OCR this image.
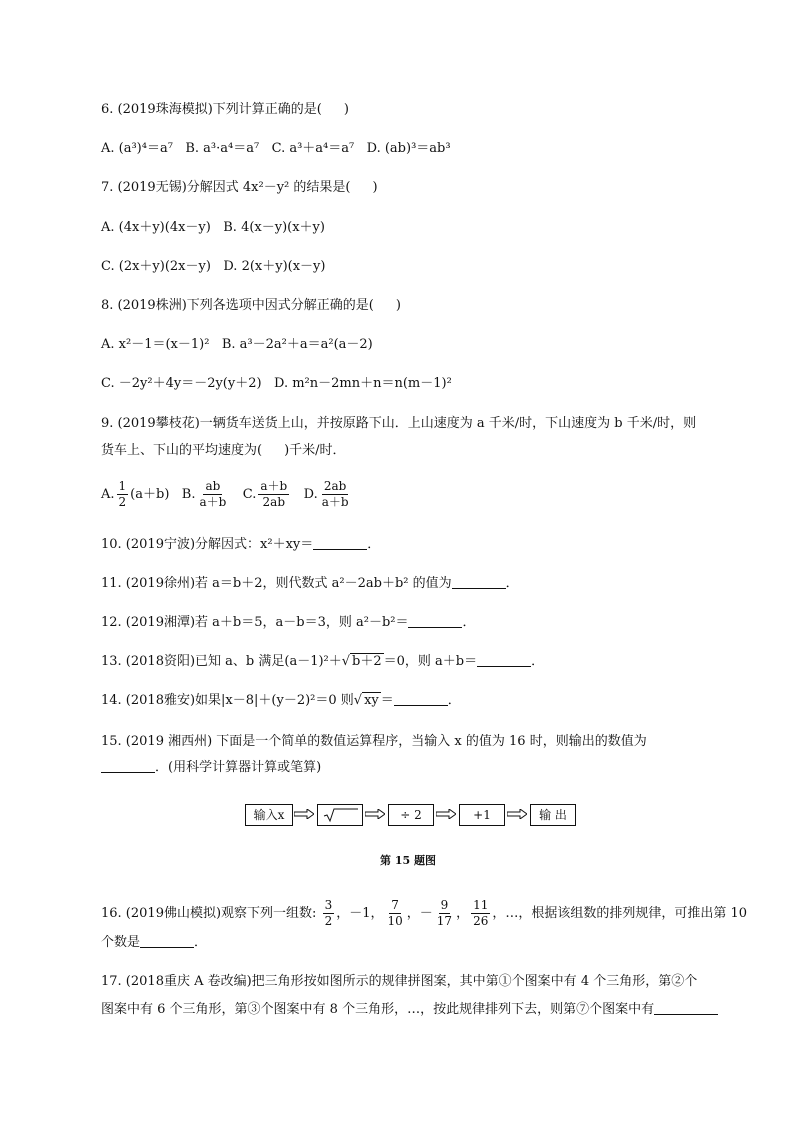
6. (2019珠海模拟)下列计算正确的是( )
A. (a³)⁴＝a⁷ B. a³·a⁴＝a⁷ C. a³＋a⁴＝a⁷ D. (ab)³＝ab³
7. (2019无锡)分解因式 4x²－y² 的结果是( )
A. (4x＋y)(4x－y) B. 4(x－y)(x＋y)
C. (2x＋y)(2x－y) D. 2(x＋y)(x－y)
8. (2019株洲)下列各选项中因式分解正确的是( )
A. x²－1＝(x－1)² B. a³－2a²＋a＝a²(a－2)
C. －2y²＋4y＝－2y(y＋2) D. m²n－2mn＋n＝n(m－1)²
9. (2019攀枝花)一辆货车送货上山，并按原路下山．上山速度为 a 千米/时，下山速度为 b 千米/时，则
货车上、下山的平均速度为( )千米/时．
A. $\frac{1}{2} (a+b)$ B. $\frac{ab}{a+b} C$. $\frac{a+b}{2ab} D$. $\frac{2ab}{a+b}$
10. (2019宁波)分解因式：x²＋xy＝	．
11. (2019徐州)若 a＝b＋2，则代数式 a²－2ab＋b² 的值为	．
12. (2019湘潭)若 a＋b＝5，a－b＝3，则 a²－b²＝	．
13. (2018资阳)已知 a、b 满足(a－1)²＋√ b＋2 ＝0，则 a＋b＝	．
14. (2018雅安)如果|x－8|＋(y－2)²＝0 则√ xy ＝	．
15. (2019 湘西州) 下面是一个简单的数值运算程序，当输入 x 的值为 16 时，则输出的数值为
．(用科学计算器计算或笔算)
输入x	÷ 2	+1	输 出
第 15 题图
16. (2019佛山模拟)观察下列一组数: $\frac{3}{2}$ ，－1， $\frac{7}{10}$ ，－ $\frac{9}{17}$ ， $\frac{11}{26}$ ，…，根据该组数的排列规律，可推出第 10
个数是	．
17. (2018重庆 A 卷改编)把三角形按如图所示的规律拼图案，其中第①个图案中有 4 个三角形，第②个
图案中有 6 个三角形，第③个图案中有 8 个三角形，…，按此规律排列下去，则第⑦个图案中有
